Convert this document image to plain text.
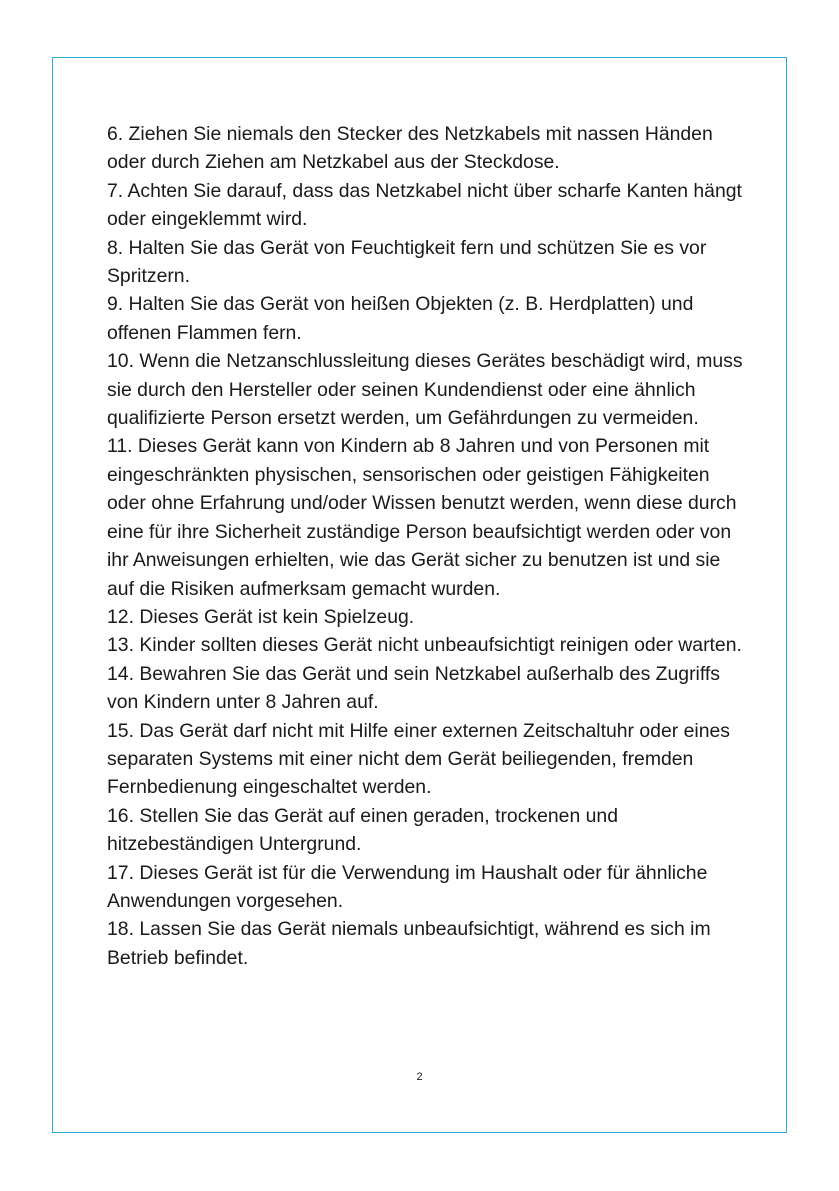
6. Ziehen Sie niemals den Stecker des Netzkabels mit nassen Händen oder durch Ziehen am Netzkabel aus der Steckdose.

7. Achten Sie darauf, dass das Netzkabel nicht über scharfe Kanten hängt oder eingeklemmt wird.

8. Halten Sie das Gerät von Feuchtigkeit fern und schützen Sie es vor Spritzern.

9. Halten Sie das Gerät von heißen Objekten (z. B. Herdplatten) und offenen Flammen fern.

10. Wenn die Netzanschlussleitung dieses Gerätes beschädigt wird, muss sie durch den Hersteller oder seinen Kundendienst oder eine ähnlich qualifizierte Person ersetzt werden, um Gefährdungen zu vermeiden.

11. Dieses Gerät kann von Kindern ab 8 Jahren und von Personen mit eingeschränkten physischen, sensorischen oder geistigen Fähigkeiten oder ohne Erfahrung und/oder Wissen benutzt werden, wenn diese durch eine für ihre Sicherheit zuständige Person beaufsichtigt werden oder von ihr Anweisungen erhielten, wie das Gerät sicher zu benutzen ist und sie auf die Risiken aufmerksam gemacht wurden.

12. Dieses Gerät ist kein Spielzeug.

13. Kinder sollten dieses Gerät nicht unbeaufsichtigt reinigen oder warten.

14. Bewahren Sie das Gerät und sein Netzkabel außerhalb des Zugriffs von Kindern unter 8 Jahren auf.

15. Das Gerät darf nicht mit Hilfe einer externen Zeitschaltuhr oder eines separaten Systems mit einer nicht dem Gerät beiliegenden, fremden Fernbedienung eingeschaltet werden.

16. Stellen Sie das Gerät auf einen geraden, trockenen und hitzebeständigen Untergrund.

17. Dieses Gerät ist für die Verwendung im Haushalt oder für ähnliche Anwendungen vorgesehen.

18. Lassen Sie das Gerät niemals unbeaufsichtigt, während es sich im Betrieb befindet.

2
